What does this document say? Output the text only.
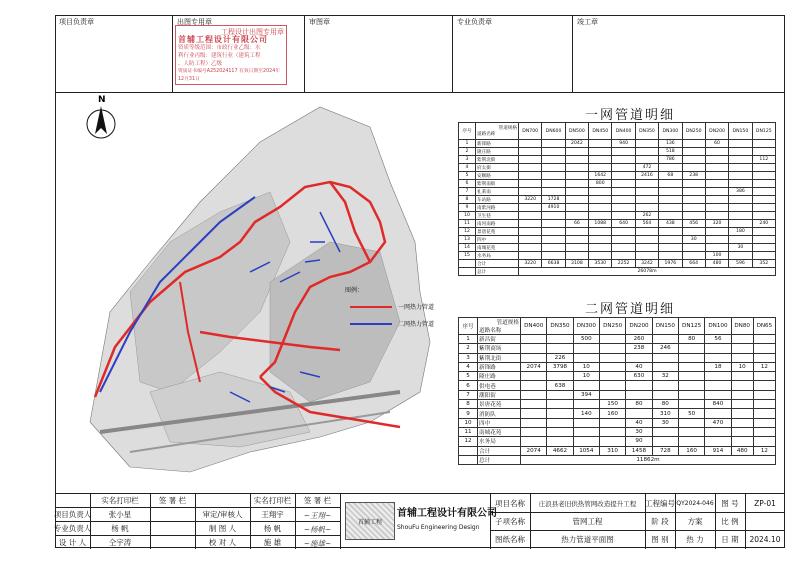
项目负责章	出图专用章
工程设计出图专用章
首辅工程设计有限公司
资质等级范围：市政行业乙级：水
利行业丙级：建筑行业（建筑工程
、人防工程）乙级
资质证书编号A252024117 有效日期至2024年12月31日
审图章	专业负责章	竣工章
N
图例：
一网热力管道
二网热力管道
一网管道明细
序号	管道规格
道路名称	DN700	DN600	DN500	DN450	DN400	DN350	DN300	DN250	DN200	DN150	DN125
1	新锋路			2042		940		136		60		
2	隆庄路							518				
3	紫荆北街							786				112
4	府太街						472					
5	安顺路				1642		2416	68	238			
6	紫荆南街				800							
7	礼莱南										386	
8	车站路	3220	1728									
9	南紫河路		4910									
10	卫生巷						262					
11	南河南路			66	1088	640	564	438	456	320		240
12	景唐花苑										180	
13	四中								30			
14	南城花苑										30	
15	水务局									100		
	合计	3220	6638	3108	3530	2252	3242	1976	664	480	596	352
	总计	26078m										
二网管道明细
序号	管道规格
道路名称	DN400	DN350	DN300	DN250	DN200	DN150	DN125	DN100	DN80	DN65
1	新昌街			500		260		80	56		
2	紫荆商场					238	246				
3	紫荆北街		226								
4	新锋路	2074	3798	10		40			18	10	12
5	隆庄路			10		630	32				
6	供电巷		638								
7	潮阳街			394							
8	景唐花苑				150	80	80		840		
9	消防队			140	160		310	50			
10	四中					40	30		470		
11	南城花苑					30					
12	水务局					90					
	合计	2074	4662	1054	310	1458	728	160	914	480	12
	总计	11862m									
实名打印栏	签 署 栏	实名打印栏	签 署 栏
项目负责人	张小星
专业负责人	杨 帆
设 计 人	仝宇涛
审定/审核人	王翔宇
制 图 人	杨 帆
校 对 人	施 雄
~王翔~
~杨帆~
~施雄~
首辅工程
首辅工程设计有限公司
ShouFu Engineering Design
项目名称	庄浪县老旧供热管网改造提升工程
子项名称	管网工程
图纸名称	热力管道平面图
工程编号 QY2024-046	图 号	ZP-01
阶 段	方案	比 例
图 别	热 力	日 期	2024.10
